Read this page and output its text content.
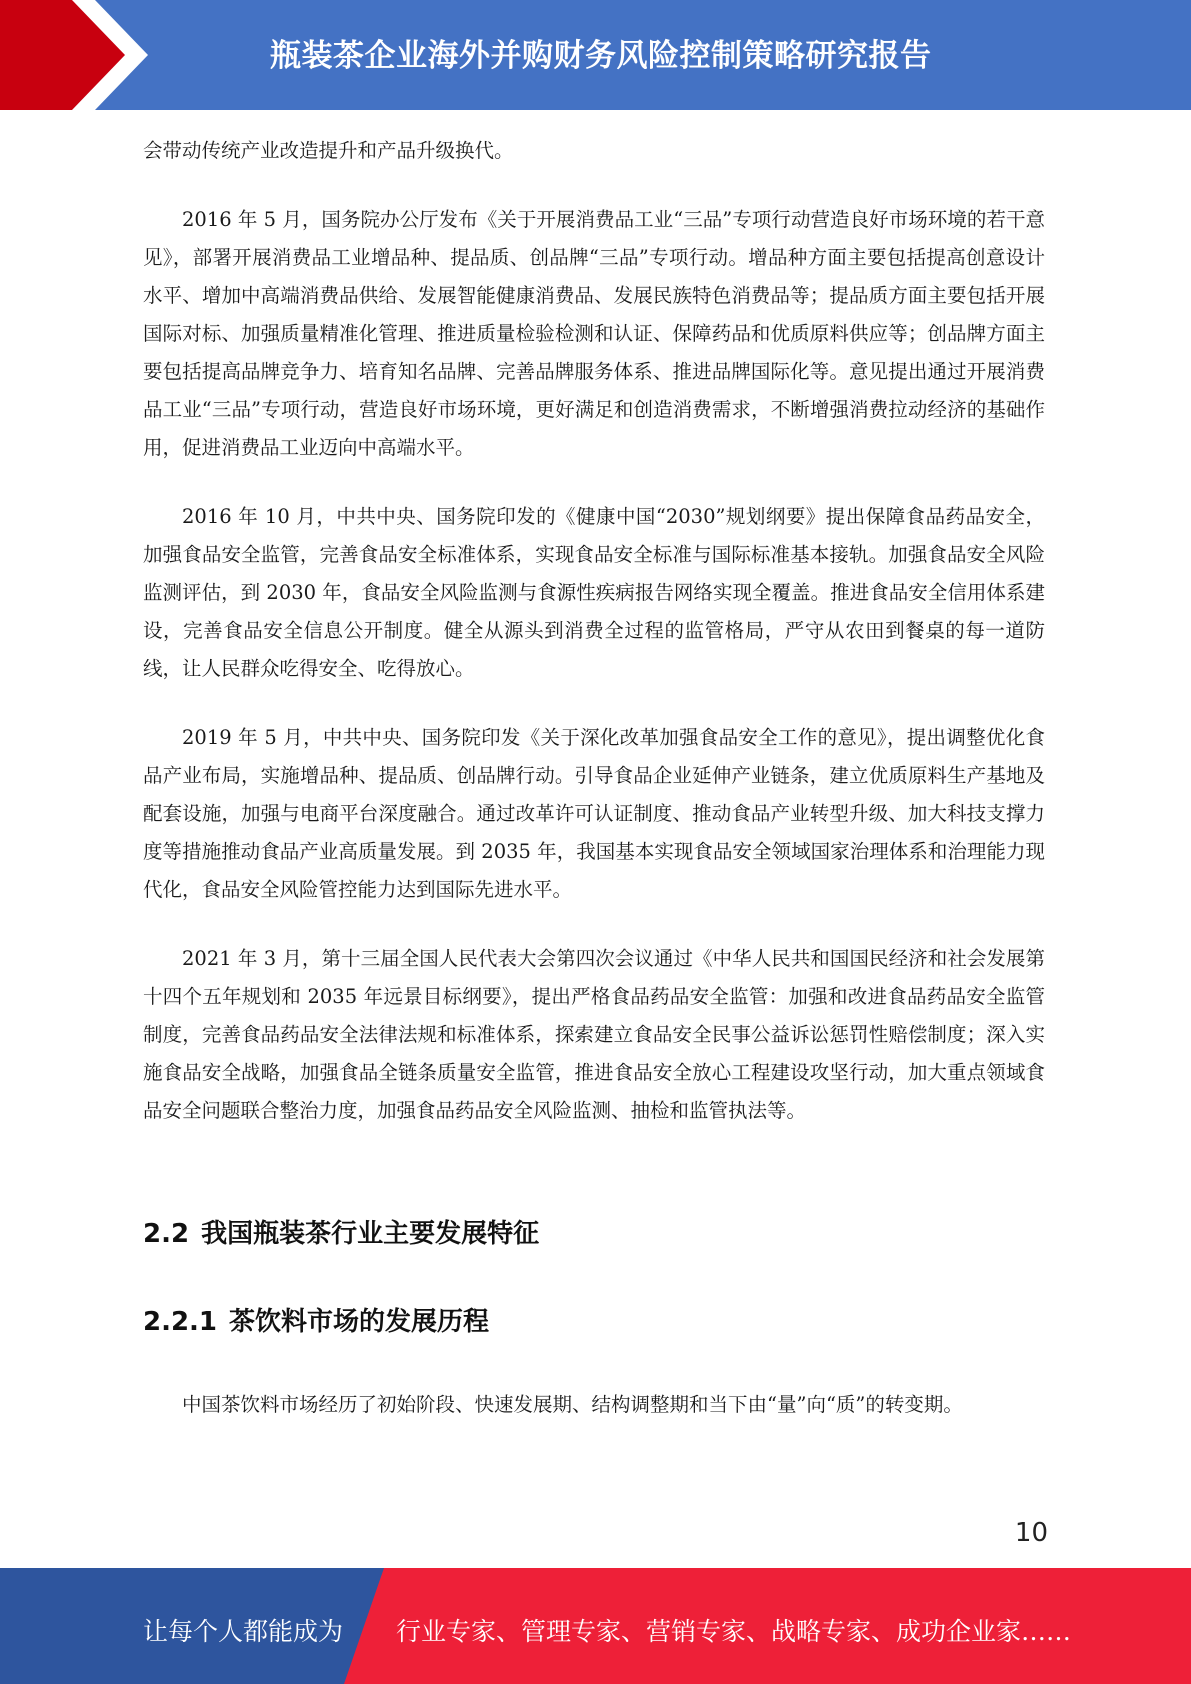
瓶装茶企业海外并购财务风险控制策略研究报告

会带动传统产业改造提升和产品升级换代。

2016 年 5 月，国务院办公厅发布《关于开展消费品工业“三品”专项行动营造良好市场环境的若干意见》，部署开展消费品工业增品种、提品质、创品牌“三品”专项行动。增品种方面主要包括提高创意设计水平、增加中高端消费品供给、发展智能健康消费品、发展民族特色消费品等；提品质方面主要包括开展国际对标、加强质量精准化管理、推进质量检验检测和认证、保障药品和优质原料供应等；创品牌方面主要包括提高品牌竞争力、培育知名品牌、完善品牌服务体系、推进品牌国际化等。意见提出通过开展消费品工业“三品”专项行动，营造良好市场环境，更好满足和创造消费需求，不断增强消费拉动经济的基础作用，促进消费品工业迈向中高端水平。

2016 年 10 月，中共中央、国务院印发的《健康中国“2030”规划纲要》提出保障食品药品安全，加强食品安全监管，完善食品安全标准体系，实现食品安全标准与国际标准基本接轨。加强食品安全风险监测评估，到 2030 年，食品安全风险监测与食源性疾病报告网络实现全覆盖。推进食品安全信用体系建设，完善食品安全信息公开制度。健全从源头到消费全过程的监管格局，严守从农田到餐桌的每一道防线，让人民群众吃得安全、吃得放心。

2019 年 5 月，中共中央、国务院印发《关于深化改革加强食品安全工作的意见》，提出调整优化食品产业布局，实施增品种、提品质、创品牌行动。引导食品企业延伸产业链条，建立优质原料生产基地及配套设施，加强与电商平台深度融合。通过改革许可认证制度、推动食品产业转型升级、加大科技支撑力度等措施推动食品产业高质量发展。到 2035 年，我国基本实现食品安全领域国家治理体系和治理能力现代化，食品安全风险管控能力达到国际先进水平。

2021 年 3 月，第十三届全国人民代表大会第四次会议通过《中华人民共和国国民经济和社会发展第十四个五年规划和 2035 年远景目标纲要》，提出严格食品药品安全监管：加强和改进食品药品安全监管制度，完善食品药品安全法律法规和标准体系，探索建立食品安全民事公益诉讼惩罚性赔偿制度；深入实施食品安全战略，加强食品全链条质量安全监管，推进食品安全放心工程建设攻坚行动，加大重点领域食品安全问题联合整治力度，加强食品药品安全风险监测、抽检和监管执法等。

2.2 我国瓶装茶行业主要发展特征
2.2.1 茶饮料市场的发展历程

中国茶饮料市场经历了初始阶段、快速发展期、结构调整期和当下由“量”向“质”的转变期。

10
让每个人都能成为 行业专家、管理专家、营销专家、战略专家、成功企业家……
